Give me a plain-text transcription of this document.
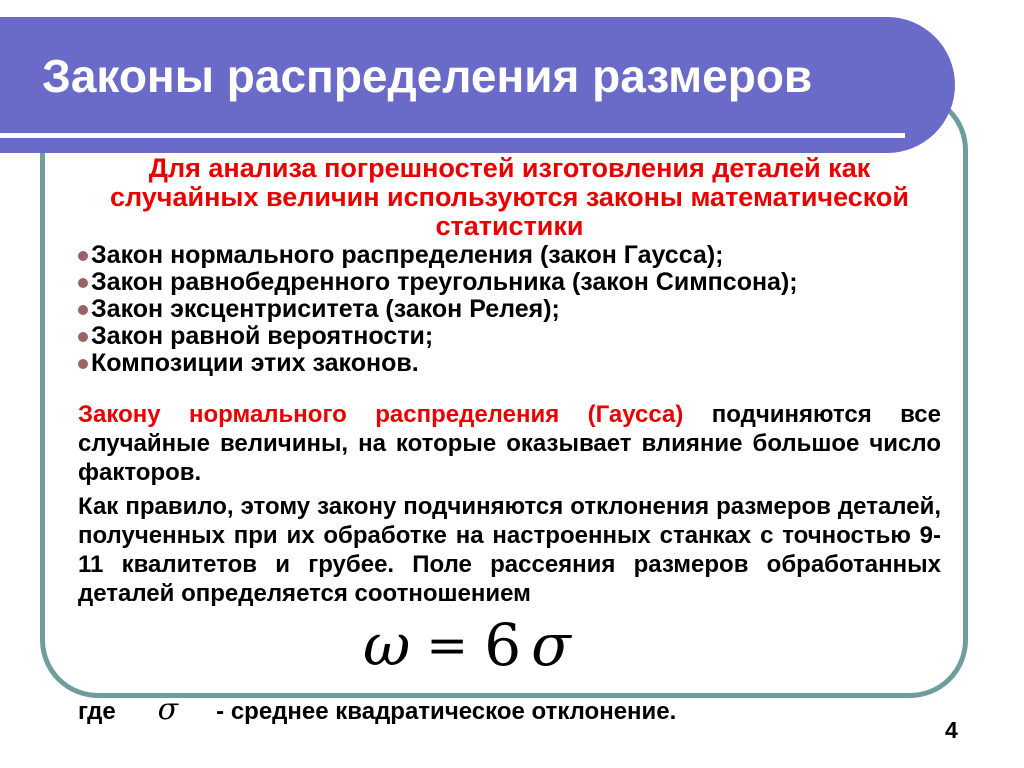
Законы распределения размеров

Для анализа погрешностей изготовления деталей как случайных величин используются законы математической статистики

Закон нормального распределения (закон Гаусса);
Закон равнобедренного треугольника (закон Симпсона);
Закон эксцентриситета (закон Релея);
Закон равной вероятности;
Композиции этих законов.

Закону нормального распределения (Гаусса) подчиняются все случайные величины, на которые оказывает влияние большое число факторов.

Как правило, этому закону подчиняются отклонения размеров деталей, полученных при их обработке на настроенных станках с точностью 9-11 квалитетов и грубее. Поле рассеяния размеров обработанных деталей определяется соотношением

ω = 6 σ
где σ - среднее квадратическое отклонение.
4
